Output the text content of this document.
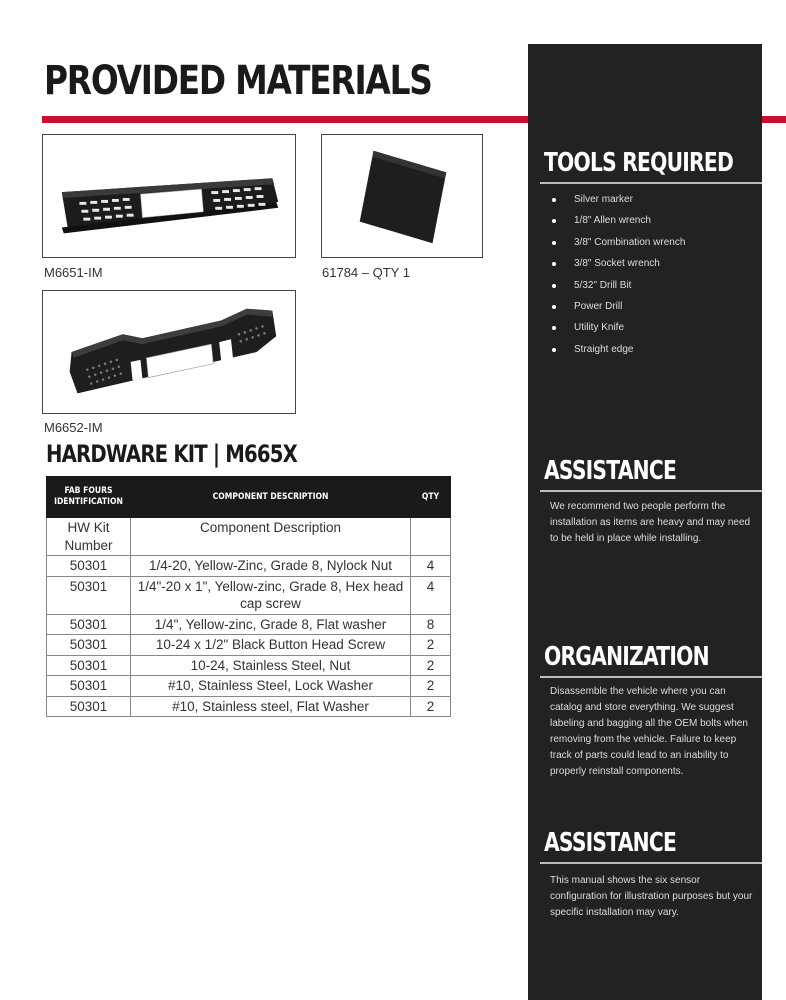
PROVIDED MATERIALS
M6651-IM	61784 – QTY 1
M6652-IM
HARDWARE KIT | M665X
FAB FOURS IDENTIFICATION	COMPONENT DESCRIPTION	QTY
HW Kit Number	Component Description	
50301	1/4-20, Yellow-Zinc, Grade 8, Nylock Nut	4
50301	1/4"-20 x 1", Yellow-zinc, Grade 8, Hex head cap screw	4
50301	1/4", Yellow-zinc, Grade 8, Flat washer	8
50301	10-24 x 1/2" Black Button Head Screw	2
50301	10-24, Stainless Steel, Nut	2
50301	#10, Stainless Steel, Lock Washer	2
50301	#10, Stainless steel, Flat Washer	2
TOOLS REQUIRED
Silver marker
1/8" Allen wrench
3/8" Combination wrench
3/8" Socket wrench
5/32" Drill Bit
Power Drill
Utility Knife
Straight edge
ASSISTANCE

We recommend two people perform the installation as items are heavy and may need to be held in place while installing.

ORGANIZATION

Disassemble the vehicle where you can catalog and store everything. We suggest labeling and bagging all the OEM bolts when removing from the vehicle. Failure to keep track of parts could lead to an inability to properly reinstall components.

ASSISTANCE

This manual shows the six sensor configuration for illustration purposes but your specific installation may vary.
